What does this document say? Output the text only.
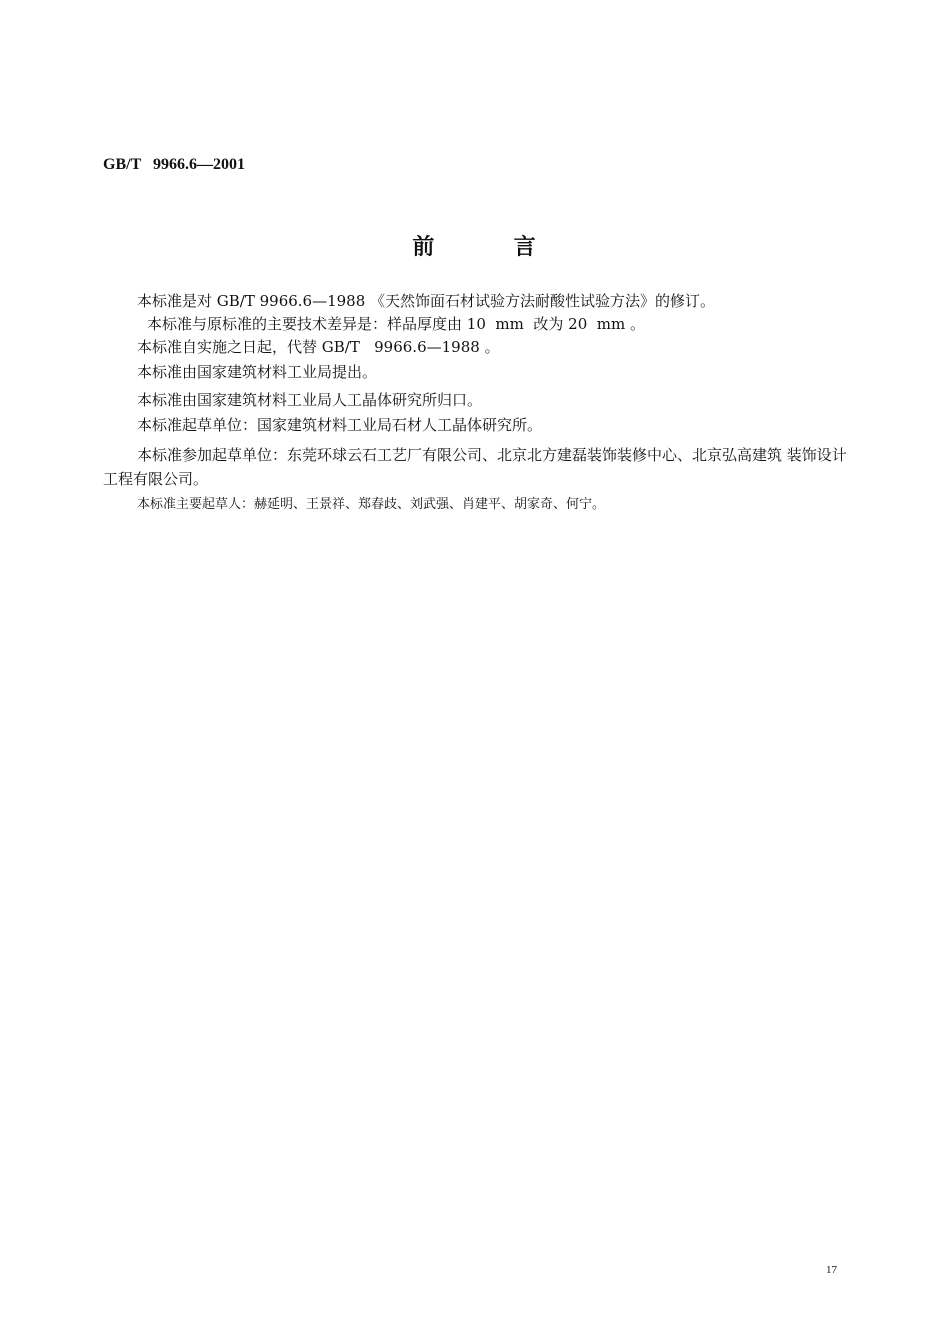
GB/T   9966.6—2001
前        言
本标准是对 GB/T 9966.6—1988 《天然饰面石材试验方法耐酸性试验方法》的修订。
本标准与原标准的主要技术差异是：样品厚度由 10  mm  改为 20  mm 。
本标准自实施之日起，代替 GB/T   9966.6—1988 。
本标准由国家建筑材料工业局提出。
本标准由国家建筑材料工业局人工晶体研究所归口。
本标准起草单位：国家建筑材料工业局石材人工晶体研究所。
本标准参加起草单位：东莞环球云石工艺厂有限公司、北京北方建磊装饰装修中心、北京弘高建筑 装饰设计工程有限公司。
本标准主要起草人：赫延明、王景祥、郑春歧、刘武强、肖建平、胡家奇、何宁。
17
